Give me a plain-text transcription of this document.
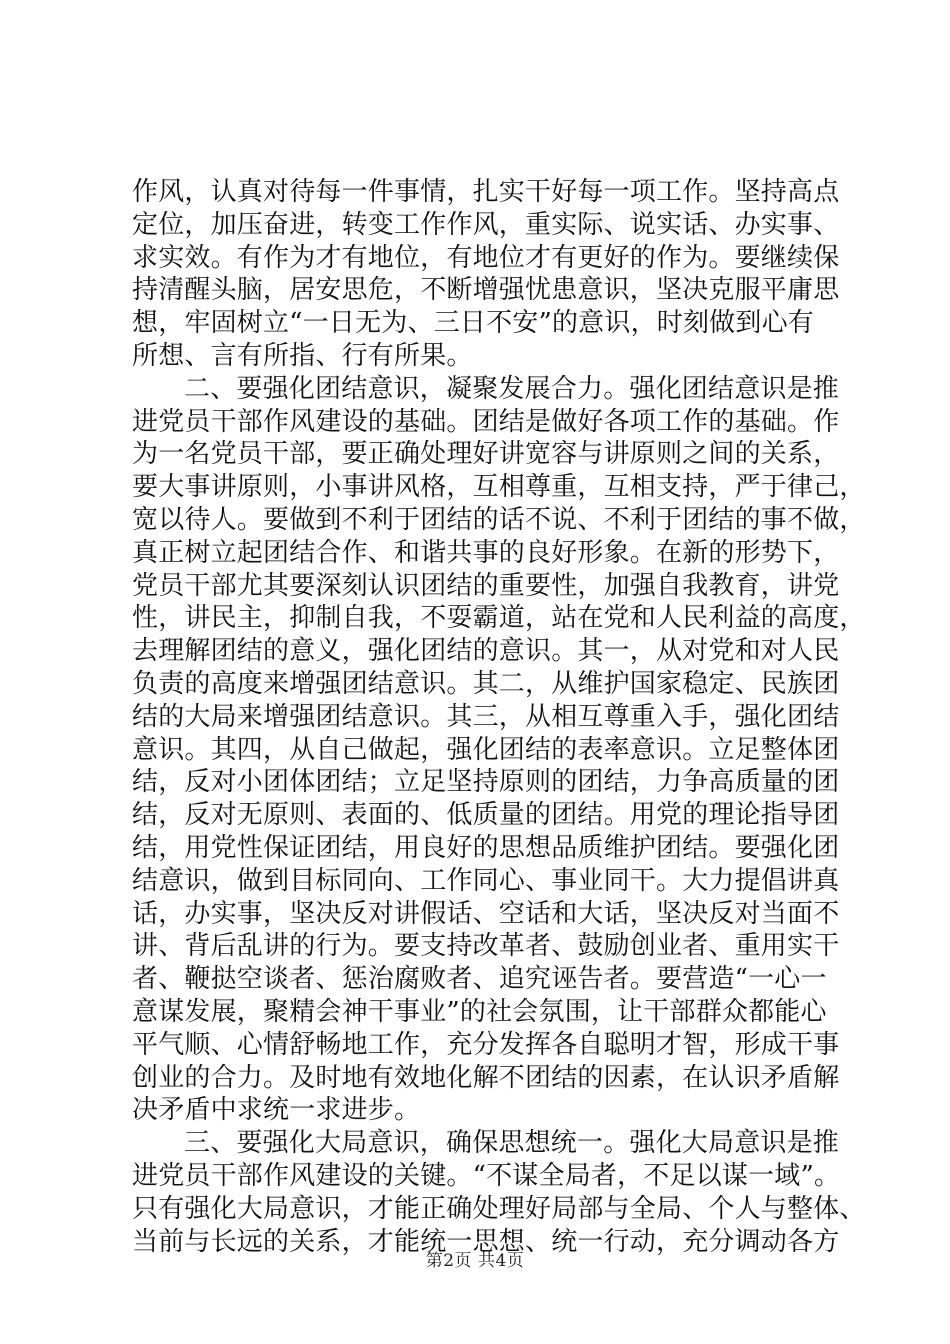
作风，认真对待每一件事情，扎实干好每一项工作。坚持高点
定位，加压奋进，转变工作作风，重实际、说实话、办实事、
求实效。有作为才有地位，有地位才有更好的作为。要继续保
持清醒头脑，居安思危，不断增强忧患意识，坚决克服平庸思
想，牢固树立“一日无为、三日不安”的意识，时刻做到心有
所想、言有所指、行有所果。
二、要强化团结意识，凝聚发展合力。强化团结意识是推
进党员干部作风建设的基础。团结是做好各项工作的基础。作
为一名党员干部，要正确处理好讲宽容与讲原则之间的关系，
要大事讲原则，小事讲风格，互相尊重，互相支持，严于律己，
宽以待人。要做到不利于团结的话不说、不利于团结的事不做，
真正树立起团结合作、和谐共事的良好形象。在新的形势下，
党员干部尤其要深刻认识团结的重要性，加强自我教育，讲党
性，讲民主，抑制自我，不耍霸道，站在党和人民利益的高度，
去理解团结的意义，强化团结的意识。其一，从对党和对人民
负责的高度来增强团结意识。其二，从维护国家稳定、民族团
结的大局来增强团结意识。其三，从相互尊重入手，强化团结
意识。其四，从自己做起，强化团结的表率意识。立足整体团
结，反对小团体团结；立足坚持原则的团结，力争高质量的团
结，反对无原则、表面的、低质量的团结。用党的理论指导团
结，用党性保证团结，用良好的思想品质维护团结。要强化团
结意识，做到目标同向、工作同心、事业同干。大力提倡讲真
话，办实事，坚决反对讲假话、空话和大话，坚决反对当面不
讲、背后乱讲的行为。要支持改革者、鼓励创业者、重用实干
者、鞭挞空谈者、惩治腐败者、追究诬告者。要营造“一心一
意谋发展，聚精会神干事业”的社会氛围，让干部群众都能心
平气顺、心情舒畅地工作，充分发挥各自聪明才智，形成干事
创业的合力。及时地有效地化解不团结的因素，在认识矛盾解
决矛盾中求统一求进步。
三、要强化大局意识，确保思想统一。强化大局意识是推
进党员干部作风建设的关键。“不谋全局者，不足以谋一域”。
只有强化大局意识，才能正确处理好局部与全局、个人与整体、
当前与长远的关系，才能统一思想、统一行动，充分调动各方
第2页 共4页
